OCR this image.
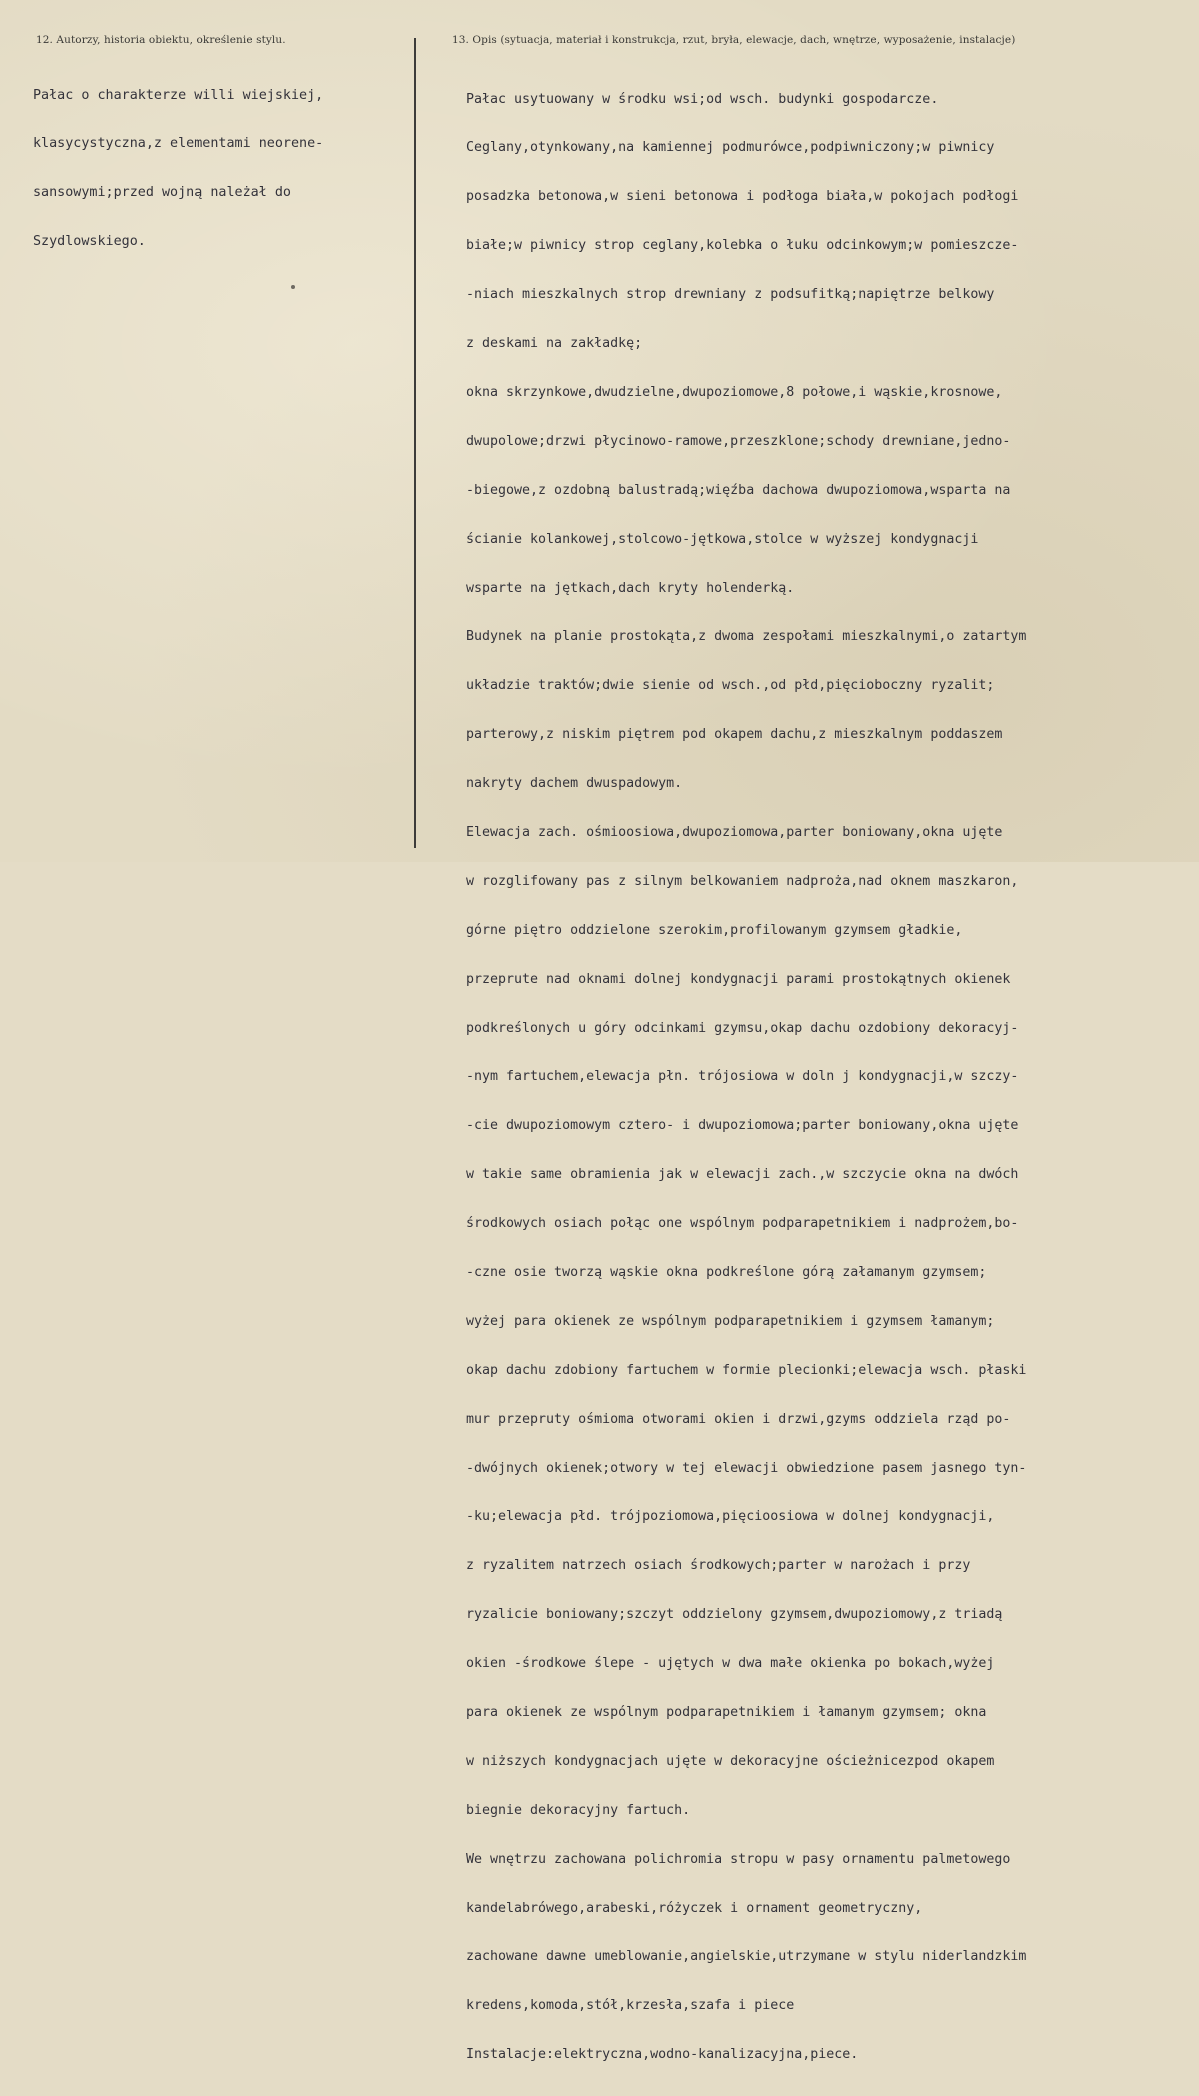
12. Autorzy, historia obiektu, określenie stylu.	13. Opis (sytuacja, materiał i konstrukcja, rzut, bryła, elewacje, dach, wnętrze, wyposażenie, instalacje)

Pałac o charakterze willi wiejskiej,

klasycystyczna,z elementami neorene-

sansowymi;przed wojną należał do

Szydlowskiego.

Pałac usytuowany w środku wsi;od wsch. budynki gospodarcze.

Ceglany,otynkowany,na kamiennej podmurówce,podpiwniczony;w piwnicy

posadzka betonowa,w sieni betonowa i podłoga biała,w pokojach podłogi

białe;w piwnicy strop ceglany,kolebka o łuku odcinkowym;w pomieszcze-

-niach mieszkalnych strop drewniany z podsufitką;napiętrze belkowy

z deskami na zakładkę;

okna skrzynkowe,dwudzielne,dwupoziomowe,8 połowe,i wąskie,krosnowe,

dwupolowe;drzwi płycinowo-ramowe,przeszklone;schody drewniane,jedno-

-biegowe,z ozdobną balustradą;więźba dachowa dwupoziomowa,wsparta na

ścianie kolankowej,stolcowo-jętkowa,stolce w wyższej kondygnacji

wsparte na jętkach,dach kryty holenderką.

Budynek na planie prostokąta,z dwoma zespołami mieszkalnymi,o zatartym

układzie traktów;dwie sienie od wsch.,od płd,pięcioboczny ryzalit;

parterowy,z niskim piętrem pod okapem dachu,z mieszkalnym poddaszem

nakryty dachem dwuspadowym.

Elewacja zach. ośmioosiowa,dwupoziomowa,parter boniowany,okna ujęte

w rozglifowany pas z silnym belkowaniem nadproża,nad oknem maszkaron,

górne piętro oddzielone szerokim,profilowanym gzymsem gładkie,

przeprute nad oknami dolnej kondygnacji parami prostokątnych okienek

podkreślonych u góry odcinkami gzymsu,okap dachu ozdobiony dekoracyj-

-nym fartuchem,elewacja płn. trójosiowa w doln j kondygnacji,w szczy-

-cie dwupoziomowym cztero- i dwupoziomowa;parter boniowany,okna ujęte

w takie same obramienia jak w elewacji zach.,w szczycie okna na dwóch

środkowych osiach połąc one wspólnym podparapetnikiem i nadprożem,bo-

-czne osie tworzą wąskie okna podkreślone górą załamanym gzymsem;

wyżej para okienek ze wspólnym podparapetnikiem i gzymsem łamanym;

okap dachu zdobiony fartuchem w formie plecionki;elewacja wsch. płaski

mur przepruty ośmioma otworami okien i drzwi,gzyms oddziela rząd po-

-dwójnych okienek;otwory w tej elewacji obwiedzione pasem jasnego tyn-

-ku;elewacja płd. trójpoziomowa,pięcioosiowa w dolnej kondygnacji,

z ryzalitem natrzech osiach środkowych;parter w narożach i przy

ryzalicie boniowany;szczyt oddzielony gzymsem,dwupoziomowy,z triadą

okien -środkowe ślepe - ujętych w dwa małe okienka po bokach,wyżej

para okienek ze wspólnym podparapetnikiem i łamanym gzymsem; okna

w niższych kondygnacjach ujęte w dekoracyjne ościeżnicezpod okapem

biegnie dekoracyjny fartuch.

We wnętrzu zachowana polichromia stropu w pasy ornamentu palmetowego

kandelabrówego,arabeski,różyczek i ornament geometryczny,

zachowane dawne umeblowanie,angielskie,utrzymane w stylu niderlandzkim

kredens,komoda,stół,krzesła,szafa i piece

Instalacje:elektryczna,wodno-kanalizacyjna,piece.
